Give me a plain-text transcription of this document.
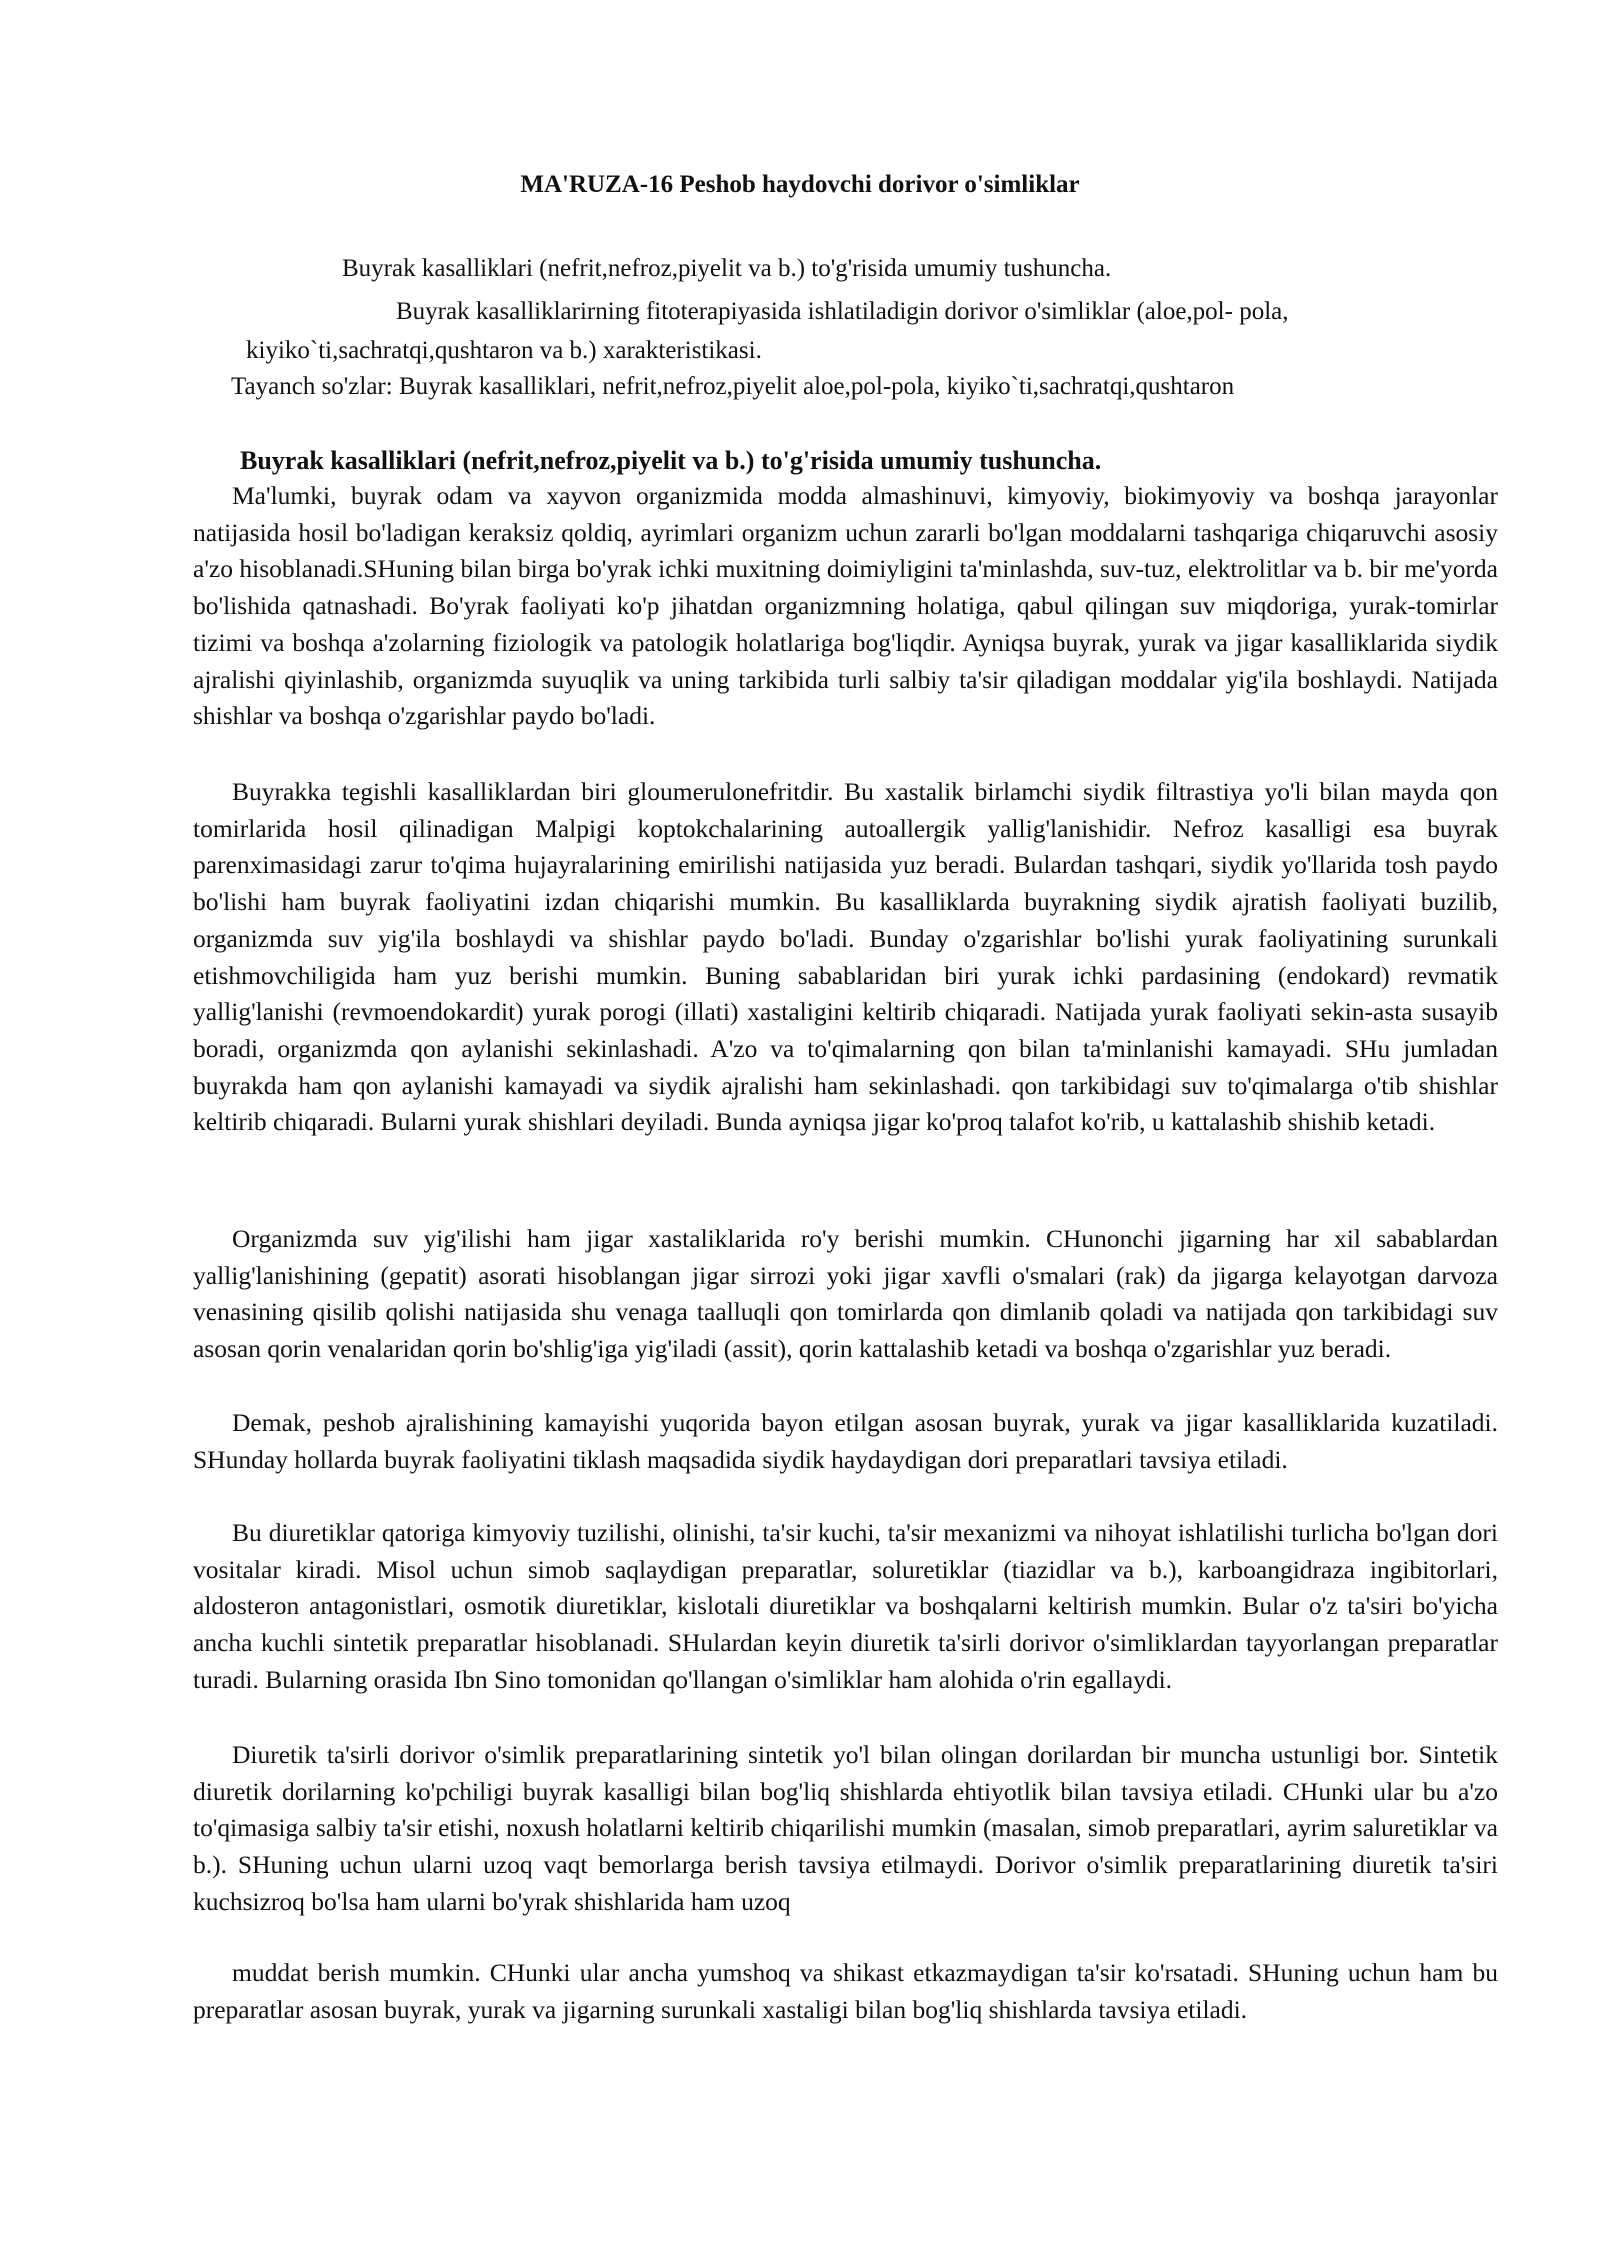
MA'RUZA-16 Peshob haydovchi dorivor o'simliklar
Buyrak kasalliklari (nefrit,nefroz,piyelit va b.) to'g'risida umumiy tushuncha.
Buyrak kasalliklarirning fitoterapiyasida ishlatiladigin dorivor o'simliklar (aloe,pol- pola,
kiyiko`ti,sachratqi,qushtaron va b.) xarakteristikasi.
Tayanch so'zlar: Buyrak kasalliklari, nefrit,nefroz,piyelit aloe,pol-pola, kiyiko`ti,sachratqi,qushtaron
Buyrak kasalliklari (nefrit,nefroz,piyelit va b.) to'g'risida umumiy tushuncha.

Ma'lumki, buyrak odam va xayvon organizmida modda almashinuvi, kimyoviy, biokimyoviy va boshqa jarayonlar natijasida hosil bo'ladigan keraksiz qoldiq, ayrimlari organizm uchun zararli bo'lgan moddalarni tashqariga chiqaruvchi asosiy a'zo hisoblanadi.SHuning bilan birga bo'yrak ichki muxitning doimiyligini ta'minlashda, suv-tuz, elektrolitlar va b. bir me'yorda bo'lishida qatnashadi. Bo'yrak faoliyati ko'p jihatdan organizmning holatiga, qabul qilingan suv miqdoriga, yurak-tomirlar tizimi va boshqa a'zolarning fiziologik va patologik holatlariga bog'liqdir. Ayniqsa buyrak, yurak va jigar kasalliklarida siydik ajralishi qiyinlashib, organizmda suyuqlik va uning tarkibida turli salbiy ta'sir qiladigan moddalar yig'ila boshlaydi. Natijada shishlar va boshqa o'zgarishlar paydo bo'ladi.

Buyrakka tegishli kasalliklardan biri gloumerulonefritdir. Bu xastalik birlamchi siydik filtrastiya yo'li bilan mayda qon tomirlarida hosil qilinadigan Malpigi koptokchalarining autoallergik yallig'lanishidir. Nefroz kasalligi esa buyrak parenximasidagi zarur to'qima hujayralarining emirilishi natijasida yuz beradi. Bulardan tashqari, siydik yo'llarida tosh paydo bo'lishi ham buyrak faoliyatini izdan chiqarishi mumkin. Bu kasalliklarda buyrakning siydik ajratish faoliyati buzilib, organizmda suv yig'ila boshlaydi va shishlar paydo bo'ladi. Bunday o'zgarishlar bo'lishi yurak faoliyatining surunkali etishmovchiligida ham yuz berishi mumkin. Buning sabablaridan biri yurak ichki pardasining (endokard) revmatik yallig'lanishi (revmoendokardit) yurak porogi (illati) xastaligini keltirib chiqaradi. Natijada yurak faoliyati sekin-asta susayib boradi, organizmda qon aylanishi sekinlashadi. A'zo va to'qimalarning qon bilan ta'minlanishi kamayadi. SHu jumladan buyrakda ham qon aylanishi kamayadi va siydik ajralishi ham sekinlashadi. qon tarkibidagi suv to'qimalarga o'tib shishlar keltirib chiqaradi. Bularni yurak shishlari deyiladi. Bunda ayniqsa jigar ko'proq talafot ko'rib, u kattalashib shishib ketadi.

Organizmda suv yig'ilishi ham jigar xastaliklarida ro'y berishi mumkin. CHunonchi jigarning har xil sabablardan yallig'lanishining (gepatit) asorati hisoblangan jigar sirrozi yoki jigar xavfli o'smalari (rak) da jigarga kelayotgan darvoza venasining qisilib qolishi natijasida shu venaga taalluqli qon tomirlarda qon dimlanib qoladi va natijada qon tarkibidagi suv asosan qorin venalaridan qorin bo'shlig'iga yig'iladi (assit), qorin kattalashib ketadi va boshqa o'zgarishlar yuz beradi.

Demak, peshob ajralishining kamayishi yuqorida bayon etilgan asosan buyrak, yurak va jigar kasalliklarida kuzatiladi. SHunday hollarda buyrak faoliyatini tiklash maqsadida siydik haydaydigan dori preparatlari tavsiya etiladi.

Bu diuretiklar qatoriga kimyoviy tuzilishi, olinishi, ta'sir kuchi, ta'sir mexanizmi va nihoyat ishlatilishi turlicha bo'lgan dori vositalar kiradi. Misol uchun simob saqlaydigan preparatlar, soluretiklar (tiazidlar va b.), karboangidraza ingibitorlari, aldosteron antagonistlari, osmotik diuretiklar, kislotali diuretiklar va boshqalarni keltirish mumkin. Bular o'z ta'siri bo'yicha ancha kuchli sintetik preparatlar hisoblanadi. SHulardan keyin diuretik ta'sirli dorivor o'simliklardan tayyorlangan preparatlar turadi. Bularning orasida Ibn Sino tomonidan qo'llangan o'simliklar ham alohida o'rin egallaydi.

Diuretik ta'sirli dorivor o'simlik preparatlarining sintetik yo'l bilan olingan dorilardan bir muncha ustunligi bor. Sintetik diuretik dorilarning ko'pchiligi buyrak kasalligi bilan bog'liq shishlarda ehtiyotlik bilan tavsiya etiladi. CHunki ular bu a'zo to'qimasiga salbiy ta'sir etishi, noxush holatlarni keltirib chiqarilishi mumkin (masalan, simob preparatlari, ayrim saluretiklar va b.). SHuning uchun ularni uzoq vaqt bemorlarga berish tavsiya etilmaydi. Dorivor o'simlik preparatlarining diuretik ta'siri kuchsizroq bo'lsa ham ularni bo'yrak shishlarida ham uzoq

muddat berish mumkin. CHunki ular ancha yumshoq va shikast etkazmaydigan ta'sir ko'rsatadi. SHuning uchun ham bu preparatlar asosan buyrak, yurak va jigarning surunkali xastaligi bilan bog'liq shishlarda tavsiya etiladi.
